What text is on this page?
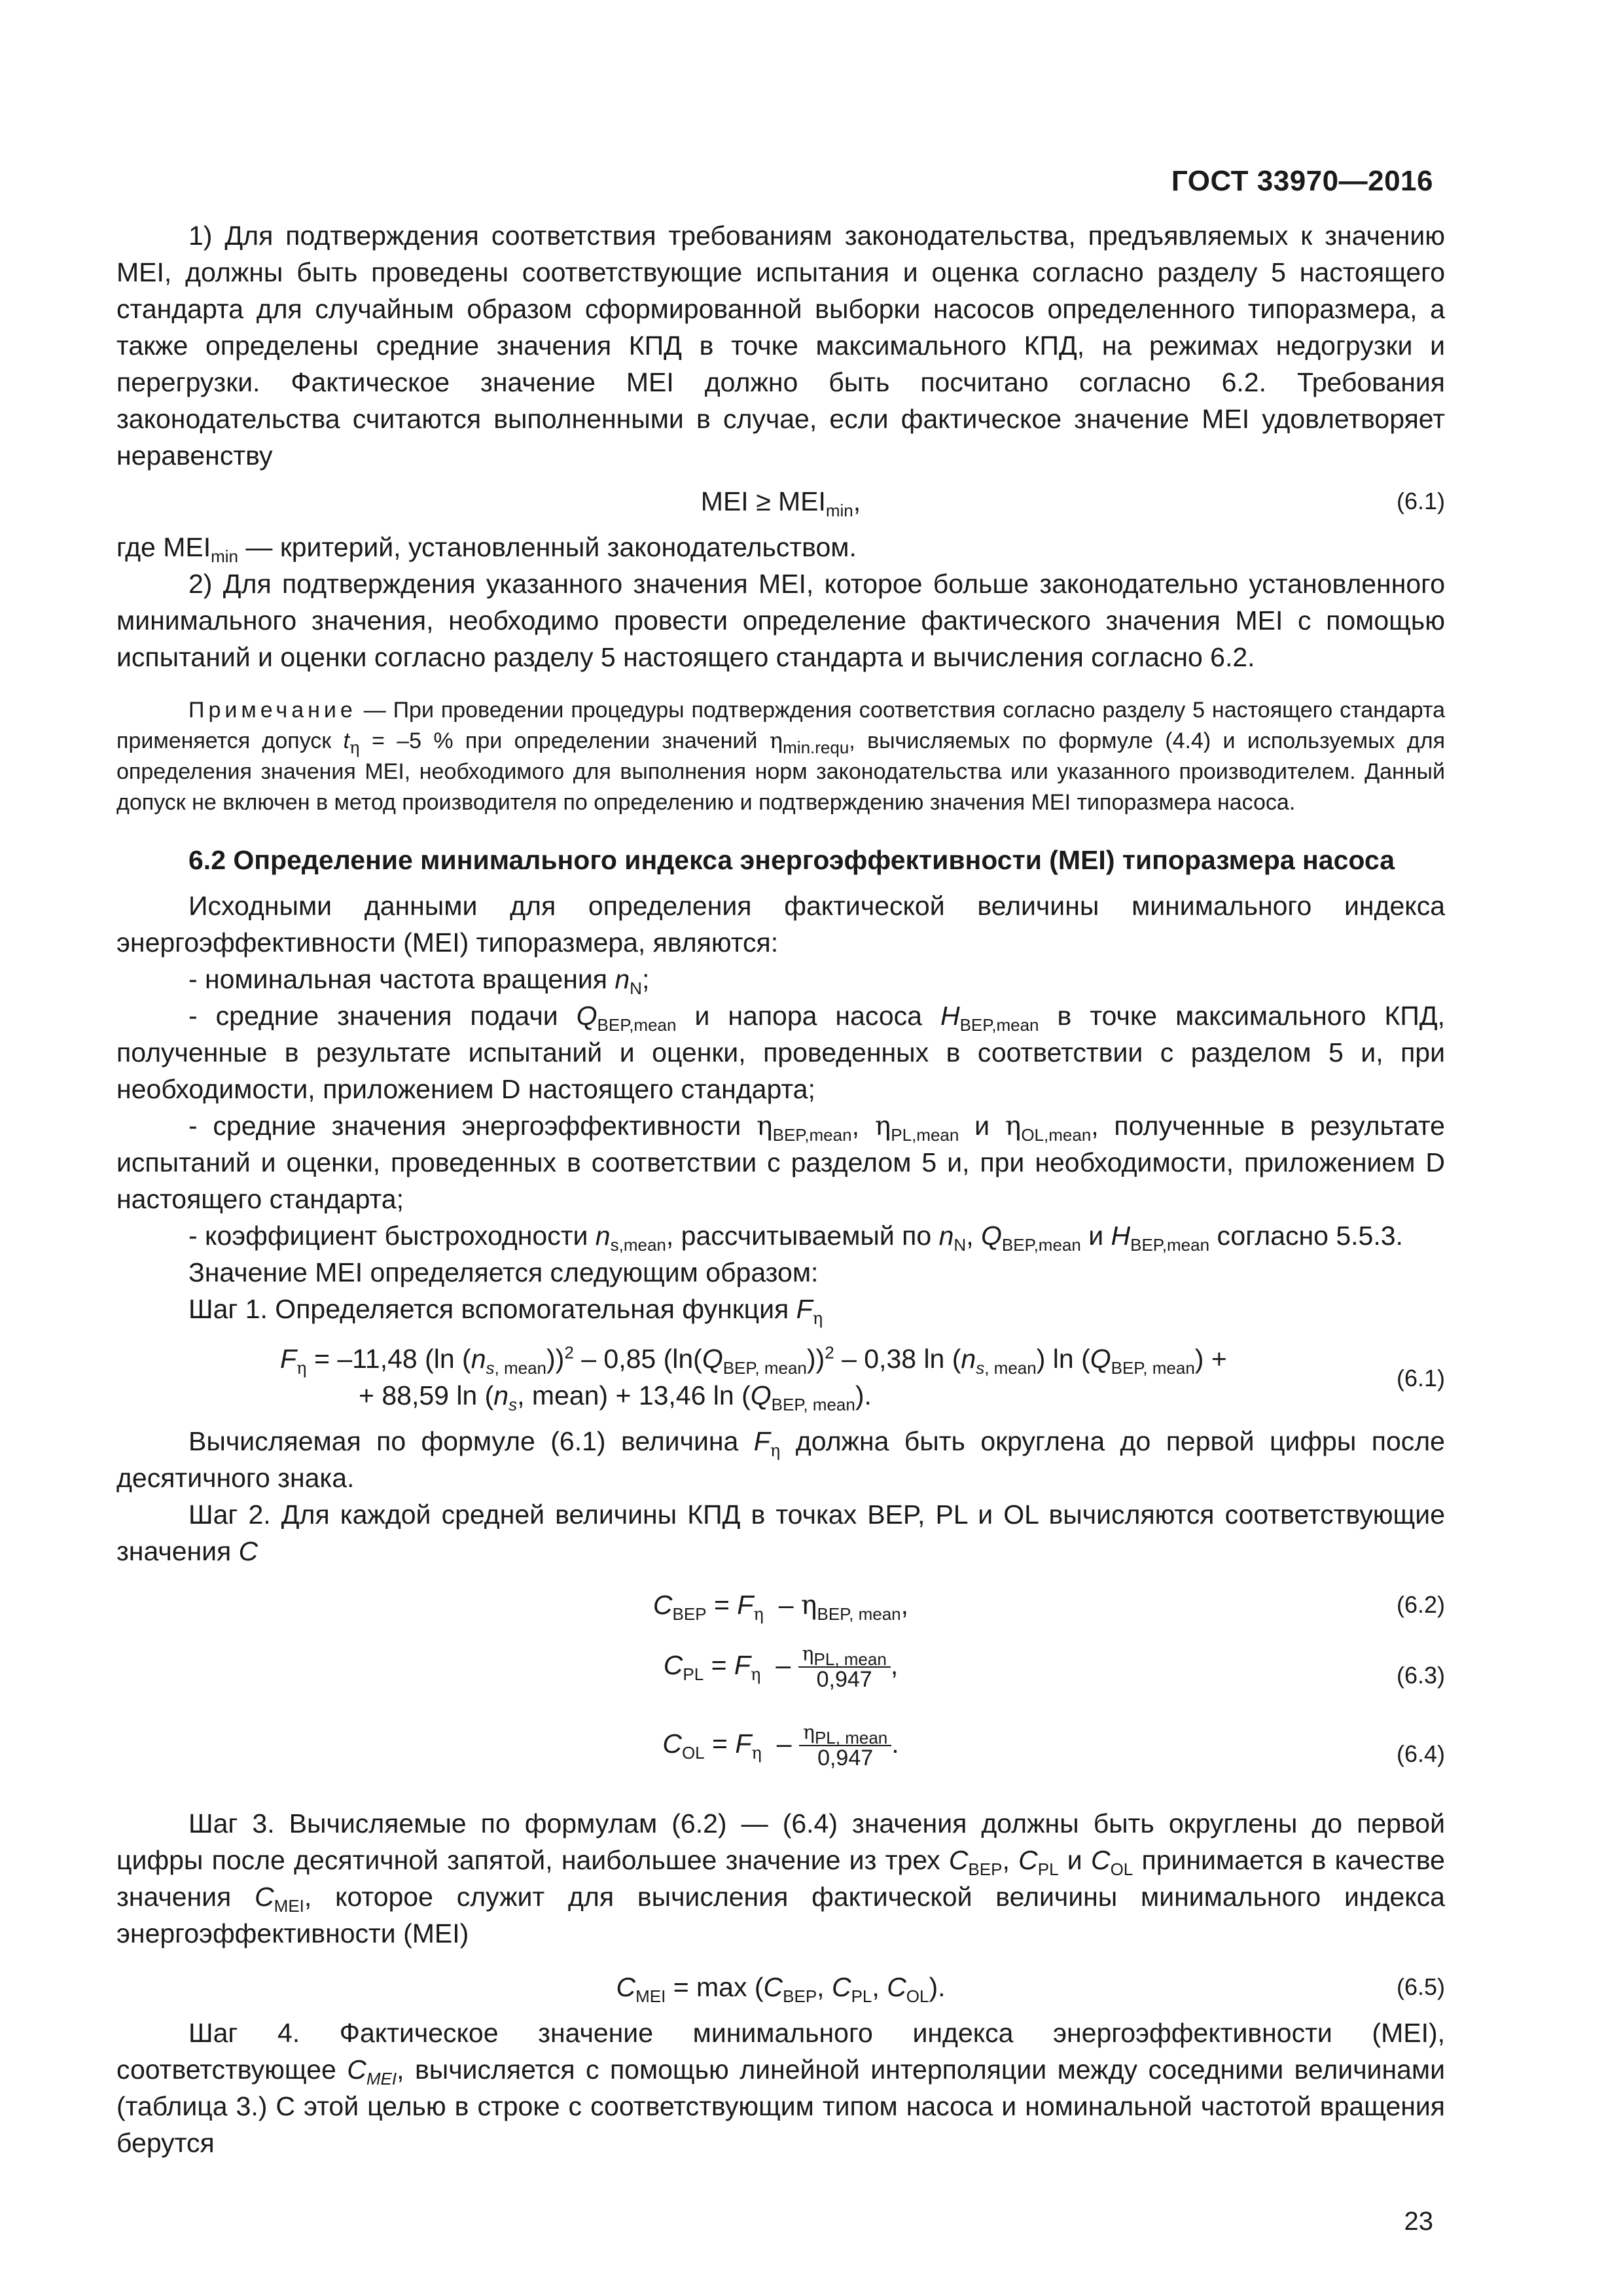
ГОСТ 33970—2016

1) Для подтверждения соответствия требованиям законодательства, предъявляемых к значению MEI, должны быть проведены соответствующие испытания и оценка согласно разделу 5 настоящего стандарта для случайным образом сформированной выборки насосов определенного типоразмера, а также определены средние значения КПД в точке максимального КПД, на режимах недогрузки и перегрузки. Фактическое значение MEI должно быть посчитано согласно 6.2. Требования законодательства считаются выполненными в случае, если фактическое значение MEI удовлетворяет неравенству

MEI ≥ $MEI_{min}$,	(6.1)

где $MEI_{min}$ — критерий, установленный законодательством.

2) Для подтверждения указанного значения MEI, которое больше законодательно установленного минимального значения, необходимо провести определение фактического значения MEI с помощью испытаний и оценки согласно разделу 5 настоящего стандарта и вычисления согласно 6.2.

Примечание — При проведении процедуры подтверждения соответствия согласно разделу 5 настоящего стандарта применяется допуск $t_\eta = -5$ % при определении значений $\eta_{min.requ}$, вычисляемых по формуле (4.4) и используемых для определения значения MEI, необходимого для выполнения норм законодательства или указанного производителем. Данный допуск не включен в метод производителя по определению и подтверждению значения MEI типоразмера насоса.

6.2 Определение минимального индекса энергоэффективности (MEI) типоразмера насоса

Исходными данными для определения фактической величины минимального индекса энергоэффективности (MEI) типоразмера, являются:

- номинальная частота вращения $n_N$;

- средние значения подачи $Q_{BEP,mean}$ и напора насоса $H_{BEP,mean}$ в точке максимального КПД, полученные в результате испытаний и оценки, проведенных в соответствии с разделом 5 и, при необходимости, приложением D настоящего стандарта;

- средние значения энергоэффективности $\eta_{BEP,mean}$, $\eta_{PL,mean}$ и $\eta_{OL,mean}$, полученные в результате испытаний и оценки, проведенных в соответствии с разделом 5 и, при необходимости, приложением D настоящего стандарта;

- коэффициент быстроходности $n_{s,mean}$, рассчитываемый по $n_N$, $Q_{BEP,mean}$ и $H_{BEP,mean}$ согласно 5.5.3.

Значение MEI определяется следующим образом:

Шаг 1. Определяется вспомогательная функция $F_\eta$

$F_\eta = -11,48$ (ln $(n_{s, mean}))^2 - 0,85$ $(\ln(Q_{BEP, mean}))^2 - 0,38$ $\ln (n_{s, mean})$ $\ln (Q_{BEP, mean})$ +
+ 88,59 $\ln (n_s$, mean) + 13,46 $\ln (Q_{BEP, mean})$.
(6.1)

Вычисляемая по формуле (6.1) величина $F_\eta$ должна быть округлена до первой цифры после десятичного знака.

Шаг 2. Для каждой средней величины КПД в точках BEP, PL и OL вычисляются соответствующие значения C

$C_{BEP} = F_\eta - \eta_{BEP, mean}$,	(6.2)
$C_{PL} = F_\eta - \frac{\eta_{PL, mean}}{0,947}$ ,	(6.3)
$C_{OL} = F_\eta - \frac{\eta_{PL, mean}}{0,947}$ .	(6.4)

Шаг 3. Вычисляемые по формулам (6.2) — (6.4) значения должны быть округлены до первой цифры после десятичной запятой, наибольшее значение из трех $C_{BEP}$, $C_{PL}$ и $C_{OL}$ принимается в качестве значения $C_{MEI}$, которое служит для вычисления фактической величины минимального индекса энергоэффективности (MEI)

$C_{MEI} = \max (C_{BEP}$, $C_{PL}$, $C_{OL}$).	(6.5)

Шаг 4. Фактическое значение минимального индекса энергоэффективности (MEI), соответствующее $C_{MEI}$, вычисляется с помощью линейной интерполяции между соседними величинами (таблица 3.) С этой целью в строке с соответствующим типом насоса и номинальной частотой вращения берутся

23
